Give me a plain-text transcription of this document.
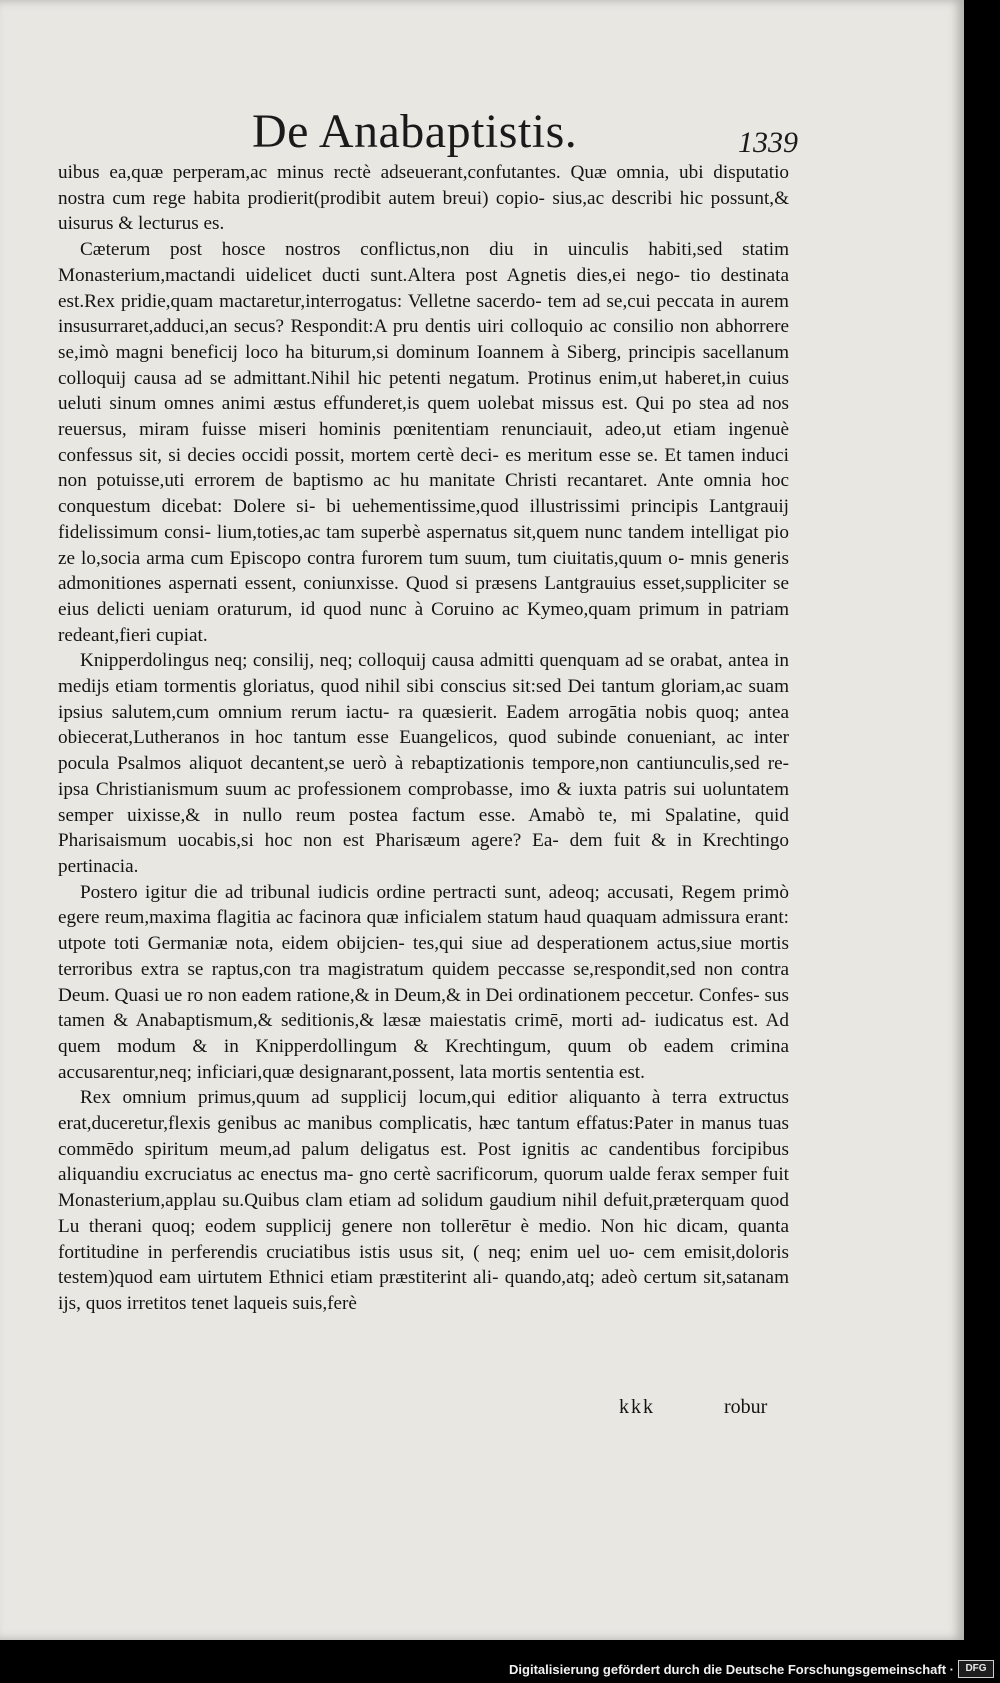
De Anabaptistis.	1339

uibus ea,quæ perperam,ac minus rectè adseuerant,confutantes. Quæ omnia, ubi disputatio nostra cum rege habita prodierit(prodibit autem breui) copio- sius,ac describi hic possunt,& uisurus & lecturus es.

Cæterum post hosce nostros conflictus,non diu in uinculis habiti,sed statim Monasterium,mactandi uidelicet ducti sunt.Altera post Agnetis dies,ei nego- tio destinata est.Rex pridie,quam mactaretur,interrogatus: Velletne sacerdo- tem ad se,cui peccata in aurem insusurraret,adduci,an secus? Respondit:A pru dentis uiri colloquio ac consilio non abhorrere se,imò magni beneficij loco ha biturum,si dominum Ioannem à Siberg, principis sacellanum colloquij causa ad se admittant.Nihil hic petenti negatum. Protinus enim,ut haberet,in cuius ueluti sinum omnes animi æstus effunderet,is quem uolebat missus est. Qui po stea ad nos reuersus, miram fuisse miseri hominis pœnitentiam renunciauit, adeo,ut etiam ingenuè confessus sit, si decies occidi possit, mortem certè deci- es meritum esse se. Et tamen induci non potuisse,uti errorem de baptismo ac hu manitate Christi recantaret. Ante omnia hoc conquestum dicebat: Dolere si- bi uehementissime,quod illustrissimi principis Lantgrauij fidelissimum consi- lium,toties,ac tam superbè aspernatus sit,quem nunc tandem intelligat pio ze lo,socia arma cum Episcopo contra furorem tum suum, tum ciuitatis,quum o- mnis generis admonitiones aspernati essent, coniunxisse. Quod si præsens Lantgrauius esset,suppliciter se eius delicti ueniam oraturum, id quod nunc à Coruino ac Kymeo,quam primum in patriam redeant,fieri cupiat.

Knipperdolingus neq; consilij, neq; colloquij causa admitti quenquam ad se orabat, antea in medijs etiam tormentis gloriatus, quod nihil sibi conscius sit:sed Dei tantum gloriam,ac suam ipsius salutem,cum omnium rerum iactu- ra quæsierit. Eadem arrogātia nobis quoq; antea obiecerat,Lutheranos in hoc tantum esse Euangelicos, quod subinde conueniant, ac inter pocula Psalmos aliquot decantent,se uerò à rebaptizationis tempore,non cantiunculis,sed re- ipsa Christianismum suum ac professionem comprobasse, imo & iuxta patris sui uoluntatem semper uixisse,& in nullo reum postea factum esse. Amabò te, mi Spalatine, quid Pharisaismum uocabis,si hoc non est Pharisæum agere? Ea- dem fuit & in Krechtingo pertinacia.

Postero igitur die ad tribunal iudicis ordine pertracti sunt, adeoq; accusati, Regem primò egere reum,maxima flagitia ac facinora quæ inficialem statum haud quaquam admissura erant: utpote toti Germaniæ nota, eidem obijcien- tes,qui siue ad desperationem actus,siue mortis terroribus extra se raptus,con tra magistratum quidem peccasse se,respondit,sed non contra Deum. Quasi ue ro non eadem ratione,& in Deum,& in Dei ordinationem peccetur. Confes- sus tamen & Anabaptismum,& seditionis,& læsæ maiestatis crimē, morti ad- iudicatus est. Ad quem modum & in Knipperdollingum & Krechtingum, quum ob eadem crimina accusarentur,neq; inficiari,quæ designarant,possent, lata mortis sententia est.

Rex omnium primus,quum ad supplicij locum,qui editior aliquanto à terra extructus erat,duceretur,flexis genibus ac manibus complicatis, hæc tantum effatus:Pater in manus tuas commēdo spiritum meum,ad palum deligatus est. Post ignitis ac candentibus forcipibus aliquandiu excruciatus ac enectus ma- gno certè sacrificorum, quorum ualde ferax semper fuit Monasterium,applau su.Quibus clam etiam ad solidum gaudium nihil defuit,præterquam quod Lu therani quoq; eodem supplicij genere non tollerētur è medio. Non hic dicam, quanta fortitudine in perferendis cruciatibus istis usus sit, ( neq; enim uel uo- cem emisit,doloris testem)quod eam uirtutem Ethnici etiam præstiterint ali- quando,atq; adeò certum sit,satanam ijs, quos irretitos tenet laqueis suis,ferè

kkk	robur
Digitalisierung gefördert durch die Deutsche Forschungsgemeinschaft ·	DFG
